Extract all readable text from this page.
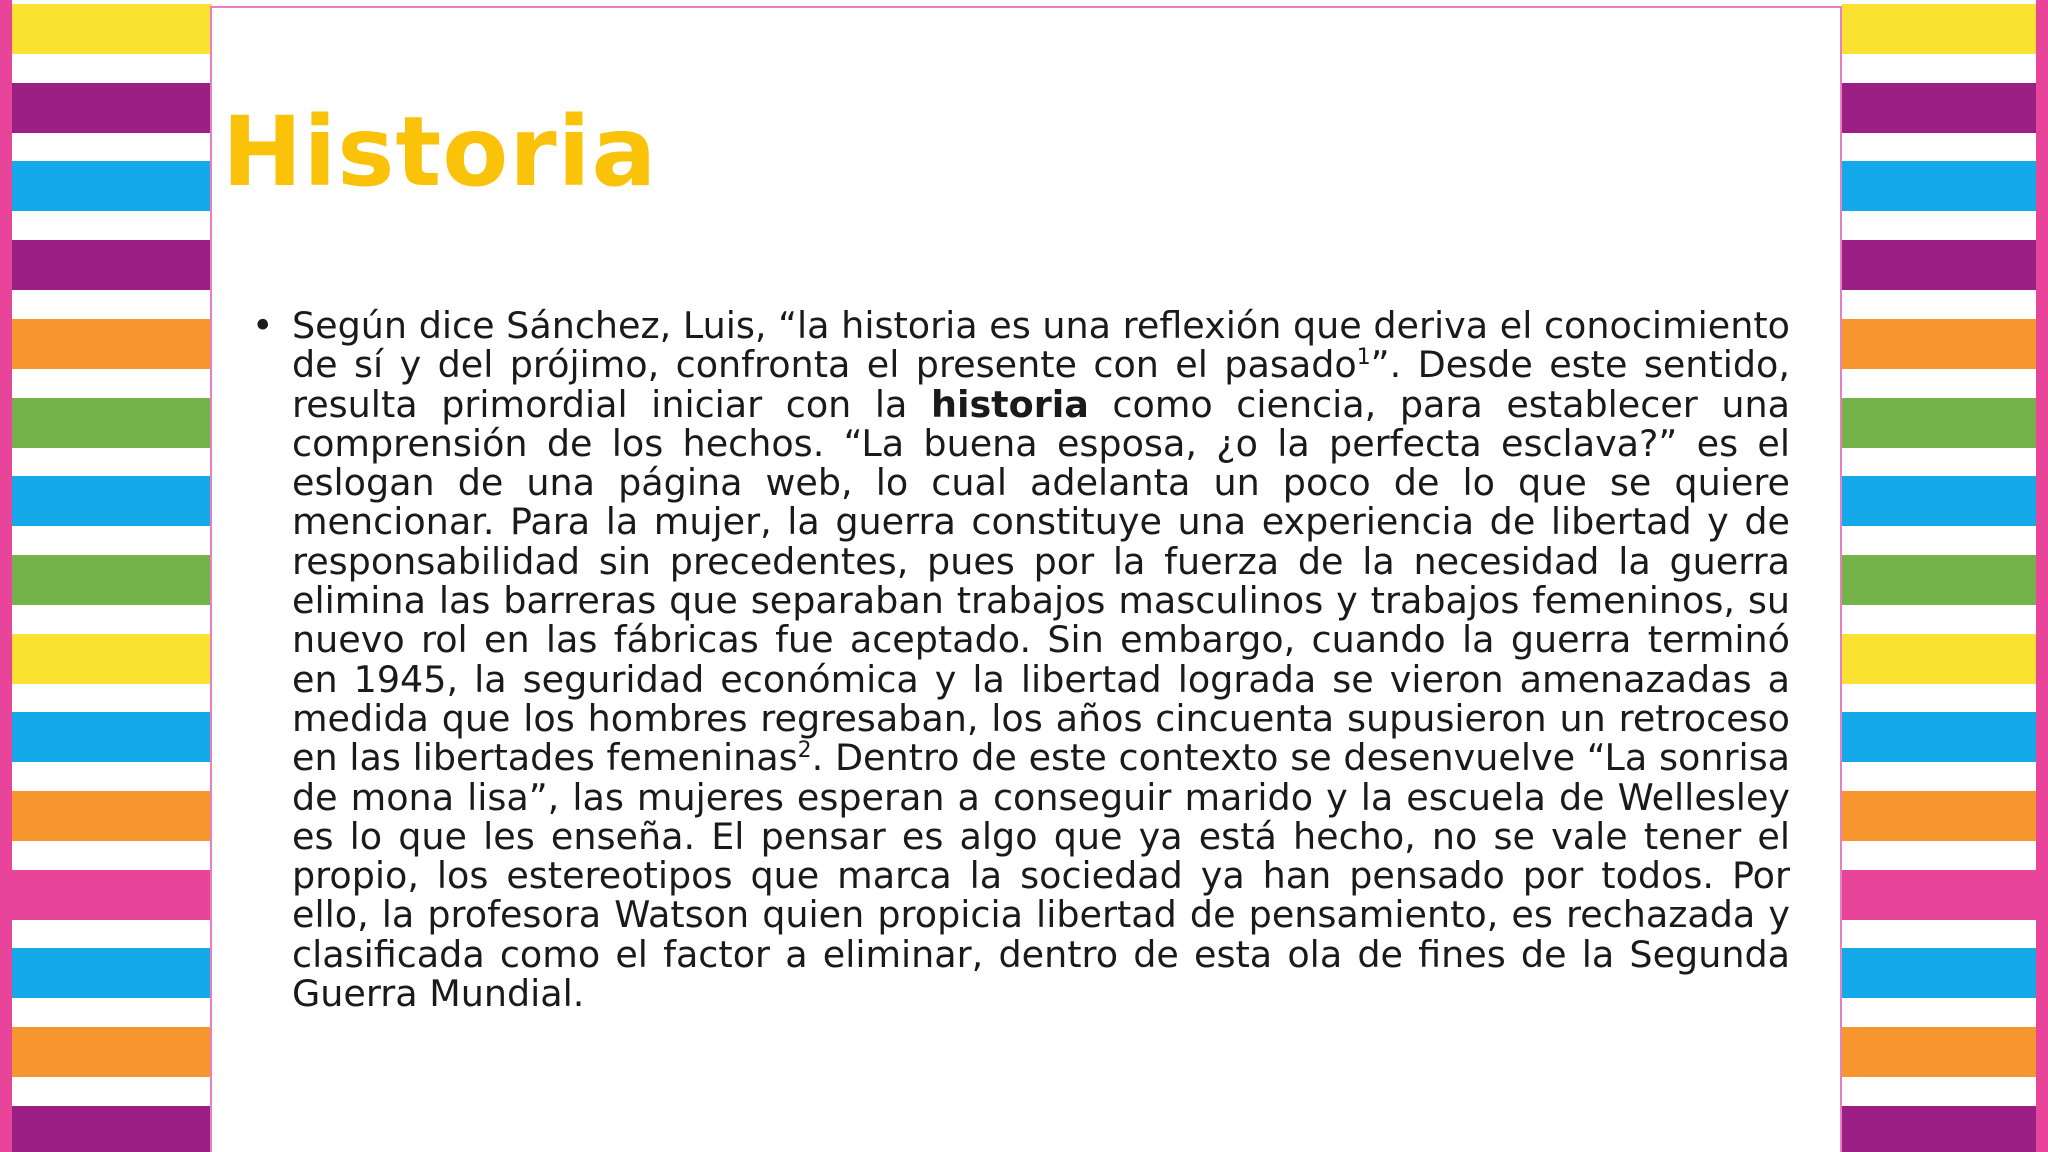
Historia
• Según dice Sánchez, Luis, “la historia es una reflexión que deriva el conocimiento de sí y del prójimo, confronta el presente con el pasado$^1$”. Desde este sentido, resulta primordial iniciar con la historia como ciencia, para establecer una comprensión de los hechos. “La buena esposa, ¿o la perfecta esclava?” es el eslogan de una página web, lo cual adelanta un poco de lo que se quiere mencionar. Para la mujer, la guerra constituye una experiencia de libertad y de responsabilidad sin precedentes, pues por la fuerza de la necesidad la guerra elimina las barreras que separaban trabajos masculinos y trabajos femeninos, su nuevo rol en las fábricas fue aceptado. Sin embargo, cuando la guerra terminó en 1945, la seguridad económica y la libertad lograda se vieron amenazadas a medida que los hombres regresaban, los años cincuenta supusieron un retroceso en las libertades femeninas$^2$. Dentro de este contexto se desenvuelve “La sonrisa de mona lisa”, las mujeres esperan a conseguir marido y la escuela de Wellesley es lo que les enseña. El pensar es algo que ya está hecho, no se vale tener el propio, los estereotipos que marca la sociedad ya han pensado por todos. Por ello, la profesora Watson quien propicia libertad de pensamiento, es rechazada y clasificada como el factor a eliminar, dentro de esta ola de fines de la Segunda Guerra Mundial.
